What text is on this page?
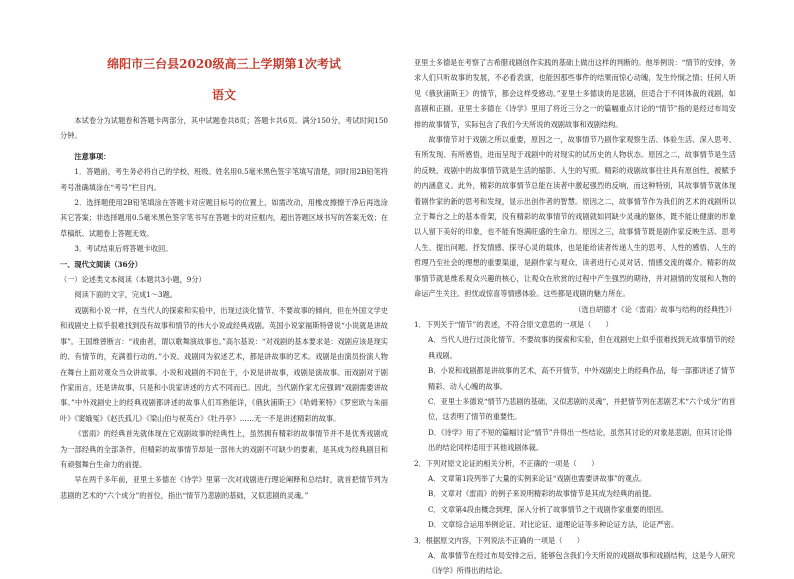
绵阳市三台县2020级高三上学期第1次考试
语文

本试卷分为试题卷和答题卡两部分，其中试题卷共8页；答题卡共6页。满分150分，考试时间150分钟。

注意事项：

1．答题前，考生务必将自己的学校、班级、姓名用0.5毫米黑色签字笔填写清楚，同时用2B铅笔将考号准确填涂在“考号”栏目内。

2．选择题使用2B铅笔填涂在答题卡对应题目标号的位置上，如需改动，用橡皮擦擦干净后再选涂其它答案；非选择题用0.5毫米黑色签字笔书写在答题卡的对应框内，超出答题区域书写的答案无效；在草稿纸、试题卷上答题无效。

3．考试结束后将答题卡收回。

一、现代文阅读（36分）

（一）论述类文本阅读（本题共3小题，9分）

阅读下面的文字，完成1～3题。

戏剧和小说一样，在当代人的探索和实验中，出现过淡化情节、不要故事的倾向，但在外国文学史和戏剧史上似乎很难找到没有故事和情节的伟大小说或经典戏剧。英国小说家福斯特曾说“小说就是讲故事”。王国维曾断言：“戏曲者，谓以歌舞演故事也。”高尔基说：“对戏剧的基本要求是：戏剧应该是现实的、有情节的，充满着行动的。”小说、戏剧同为叙述艺术，都是讲故事的艺术。戏剧是由演员扮演人物在舞台上面对观众当众讲故事。小说和戏剧的不同在于，小说是讲故事，戏剧是演故事。而戏剧对于剧作家而言，还是讲故事，只是和小说家讲述的方式不同而已。因此，当代剧作家尤应强调“戏剧需要讲故事。”中外戏剧史上的经典戏剧都讲述的故事人们耳熟能详，《俄狄浦斯王》《哈姆莱特》《罗密欧与朱丽叶》《窦娥冤》《赵氏孤儿》《梁山伯与祝英台》《牡丹亭》……无一不是讲述精彩的故事。

《雷雨》的经典首先就体现在它戏剧故事的经典性上，虽然拥有精彩的故事情节并不是优秀戏剧成为一部经典的全部条件，但精彩的故事情节却是一部伟大的戏剧不可缺少的要素，是其成为经典剧目和有顽强舞台生命力的前提。

早在两千多年前，亚里士多德在《诗学》里第一次对戏剧进行理论阐释和总结时，就首把情节列为悲剧的艺术的“六个成分”的首位，指出“情节乃悲剧的基础，又似悲剧的灵魂。”

亚里士多德是在考察了古希腊戏剧创作实践的基础上做出这样的判断的。他举例说：“情节的安排，务求人们只听故事的发展，不必看表演，也能因那些事件的结果而惊心动魄，发生怜悯之情；任何人听见《俄狄浦斯王》的情节，都会这样受感动。”亚里士多德谈的是悲剧，但适合于不同体裁的戏剧，如喜剧和正剧。亚里士多德在《诗学》里用了将近三分之一的篇幅重点讨论的“情节”指的是经过布局安排的故事情节，实际包含了我们今天所说的戏剧故事和戏剧结构。

故事情节对于戏剧之所以重要，原因之一，故事情节乃剧作家观察生活、体验生活、深入思考、有所发现、有所感悟，进而呈现于戏剧中的对现实的试历史的人物状态。原因之二，故事情节是生活的反映，戏剧中的故事情节就是生活的缩影、人生的写照。精彩的戏剧故事往往具有原创性，被赋予的内涵意义。此外，精彩的故事情节总能在读者中激起强烈的反响，而这种特别，其故事情节就体现着剧作家的新的思考和发现，显示出创作者的智慧。原因之二，故事情节作为我们的艺术的戏剧所以立于舞台之上的基本骨架，没有精彩的故事情节的戏剧就如同缺少灵魂的躯体，既不能让健康的形象以人留下美好的印象，也不能有饱满旺盛的生命力。原因之三，故事情节既是剧作家反映生活、思考人生、提出问题、抒发情感、探寻心灵的载体，也是能给读者传递人生的思考、人性的感悟、人生的哲理乃至社会的理想的重要渠道，是剧作家与观众、读者进行心灵对话、情感交流的媒介。精彩的故事情节就是维系观众兴趣的核心，让观众在欣赏的过程中产生强烈的期待，并对剧情的发展和人物的命运产生关注、担忧或惊喜等情感体验。这些都是戏剧的魅力所在。

（选自胡德才《论〈雷雨〉故事与结构的经典性》）

1．下列关于“情节”的表述，不符合原文意思的一项是（　　）

A．当代人进行过淡化情节、不要故事的探索和实验，但在戏剧史上似乎很难找到无故事情节的经典戏剧。

B．小说和戏剧都是讲故事的艺术，高不开情节，中外戏剧史上的经典作品，每一部都讲述了情节精彩、动人心魄的故事。

C．亚里士多德说“情节乃悲剧的基础，又似悲剧的灵魂”，并把情节列在悲剧艺术“六个成分”的首位，这表明了情节的重要性。

D．《诗学》用了不短的篇幅讨论“情节”并得出一些结论，虽然其讨论的对象是悲剧，但其讨论得出的结论同样适用于其他戏剧体裁。

2．下列对原文论证的相关分析，不正确的一项是（　　）

A．文章第1段列举了大量的实例来论证“戏剧也需要讲故事”的观点。

B．文章对《雷雨》的例子来说明精彩的故事情节是其成为经典的前提。

C．文章第4段由概念到理，深入分析了故事情节之于戏剧作家重要的原因。

D．文章综合运用举例论证、对比论证、道理论证等多种论证方法，论证严密。

3．根据原文内容，下列说法不正确的一项是（　　）

A．故事情节在经过布局安排之后，能够包含我们今天所说的戏剧故事和戏剧结构，这是今人研究《诗学》所得出的结论。
